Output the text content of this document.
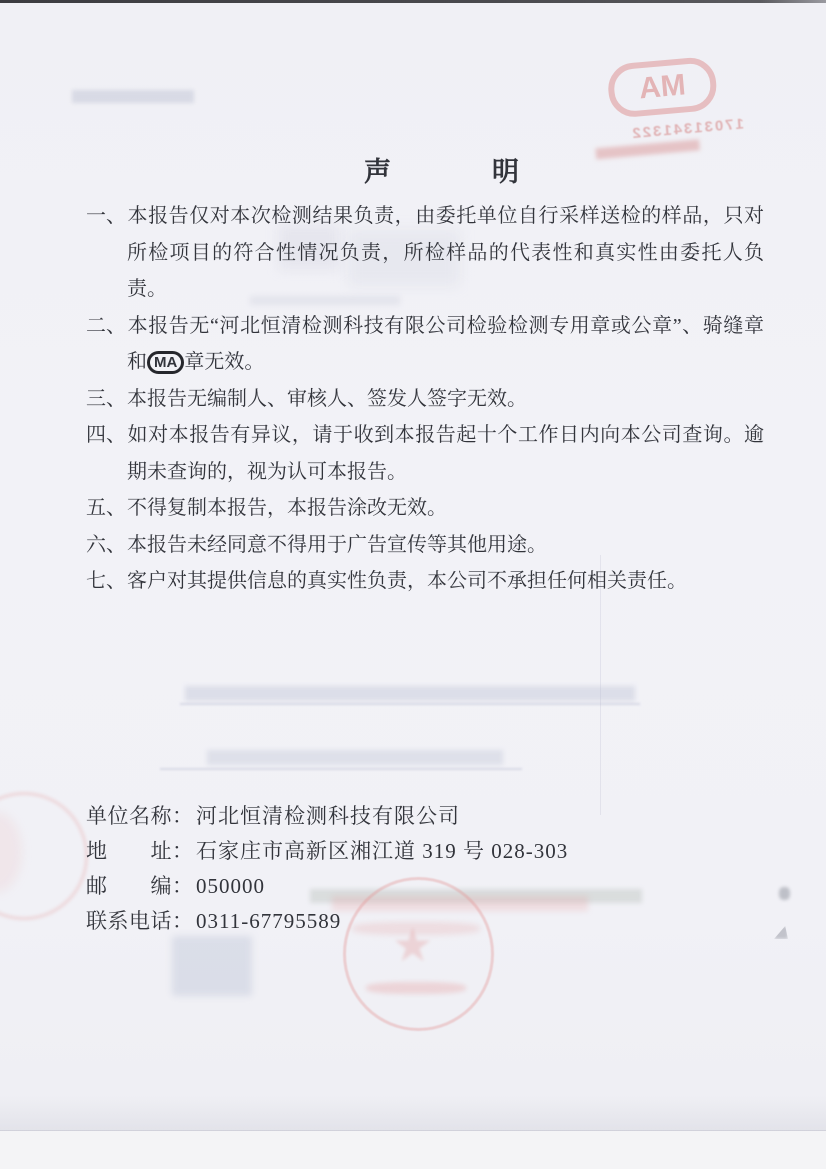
MA
17031341322
★
声	明
一、本报告仅对本次检测结果负责，由委托单位自行采样送检的样品，只对所检项目的符合性情况负责，所检样品的代表性和真实性由委托人负责。
二、本报告无“河北恒清检测科技有限公司检验检测专用章或公章”、骑缝章和 MA 章无效。
三、本报告无编制人、审核人、签发人签字无效。
四、如对本报告有异议，请于收到本报告起十个工作日内向本公司查询。逾期未查询的，视为认可本报告。
五、不得复制本报告，本报告涂改无效。
六、本报告未经同意不得用于广告宣传等其他用途。
七、客户对其提供信息的真实性负责，本公司不承担任何相关责任。
单位名称： 河北恒清检测科技有限公司
地　　址： 石家庄市高新区湘江道 319 号 028-303
邮　　编： 050000
联系电话： 0311-67795589
